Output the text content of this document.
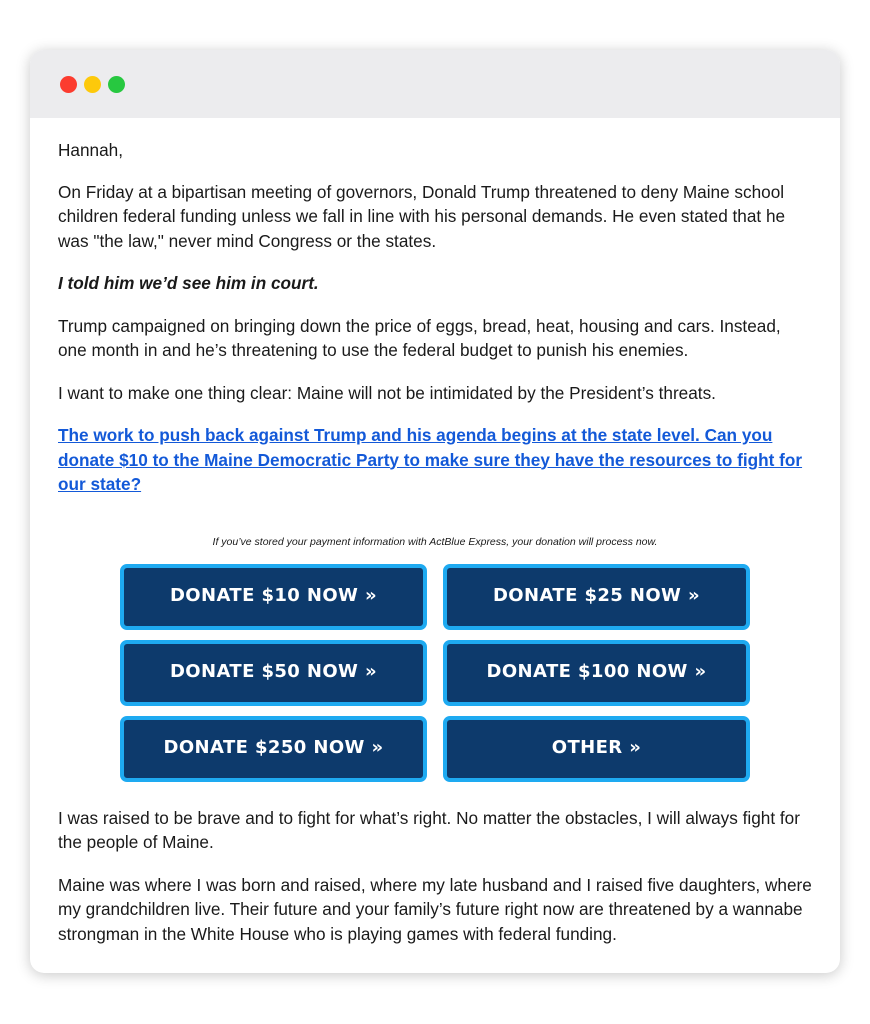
Hannah,

On Friday at a bipartisan meeting of governors, Donald Trump threatened to deny Maine school children federal funding unless we fall in line with his personal demands. He even stated that he was "the law," never mind Congress or the states.

I told him we’d see him in court.

Trump campaigned on bringing down the price of eggs, bread, heat, housing and cars. Instead, one month in and he’s threatening to use the federal budget to punish his enemies.

I want to make one thing clear: Maine will not be intimidated by the President’s threats.

The work to push back against Trump and his agenda begins at the state level. Can you donate $10 to the Maine Democratic Party to make sure they have the resources to fight for our state?

If you’ve stored your payment information with ActBlue Express, your donation will process now.
DONATE $10 NOW »	DONATE $25 NOW »
DONATE $50 NOW »	DONATE $100 NOW »
DONATE $250 NOW »	OTHER »

I was raised to be brave and to fight for what’s right. No matter the obstacles, I will always fight for the people of Maine.

Maine was where I was born and raised, where my late husband and I raised five daughters, where my grandchildren live. Their future and your family’s future right now are threatened by a wannabe strongman in the White House who is playing games with federal funding.
